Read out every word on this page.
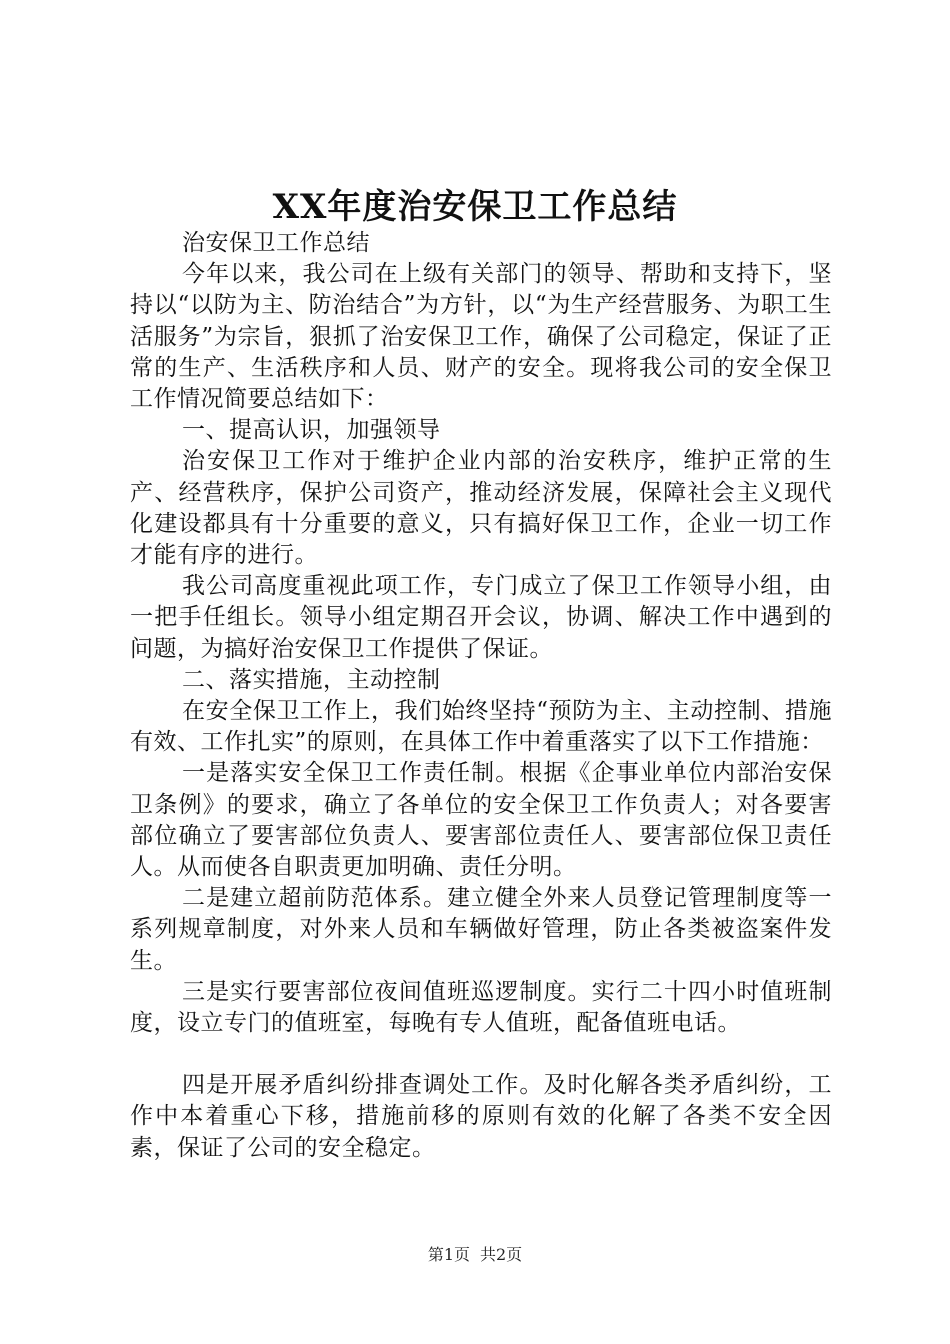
XX年度治安保卫工作总结

治安保卫工作总结

今年以来，我公司在上级有关部门的领导、帮助和支持下，坚持以“以防为主、防治结合”为方针，以“为生产经营服务、为职工生活服务”为宗旨，狠抓了治安保卫工作，确保了公司稳定，保证了正常的生产、生活秩序和人员、财产的安全。现将我公司的安全保卫工作情况简要总结如下：

一、提高认识，加强领导

治安保卫工作对于维护企业内部的治安秩序，维护正常的生产、经营秩序，保护公司资产，推动经济发展，保障社会主义现代化建设都具有十分重要的意义，只有搞好保卫工作，企业一切工作才能有序的进行。

我公司高度重视此项工作，专门成立了保卫工作领导小组，由一把手任组长。领导小组定期召开会议，协调、解决工作中遇到的问题，为搞好治安保卫工作提供了保证。

二、落实措施，主动控制

在安全保卫工作上，我们始终坚持“预防为主、主动控制、措施有效、工作扎实”的原则，在具体工作中着重落实了以下工作措施：

一是落实安全保卫工作责任制。根据《企事业单位内部治安保卫条例》的要求，确立了各单位的安全保卫工作负责人；对各要害部位确立了要害部位负责人、要害部位责任人、要害部位保卫责任人。从而使各自职责更加明确、责任分明。

二是建立超前防范体系。建立健全外来人员登记管理制度等一系列规章制度，对外来人员和车辆做好管理，防止各类被盗案件发生。

三是实行要害部位夜间值班巡逻制度。实行二十四小时值班制度，设立专门的值班室，每晚有专人值班，配备值班电话。

四是开展矛盾纠纷排查调处工作。及时化解各类矛盾纠纷，工作中本着重心下移，措施前移的原则有效的化解了各类不安全因素，保证了公司的安全稳定。

第1页 共2页
